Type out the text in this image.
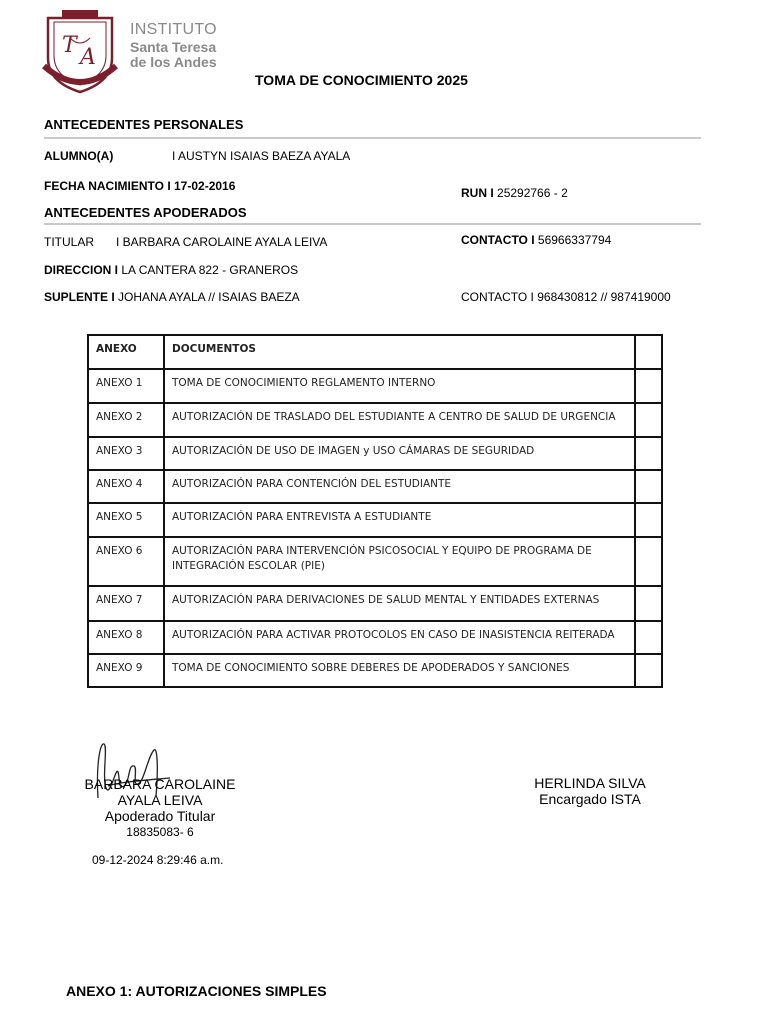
T A
INSTITUTO
Santa Teresa
de los Andes
TOMA DE CONOCIMIENTO 2025
ANTECEDENTES PERSONALES
ALUMNO(A)	I AUSTYN ISAIAS BAEZA AYALA
FECHA NACIMIENTO I 17-02-2016	RUN I 25292766 - 2
ANTECEDENTES APODERADOS
TITULAR I BARBARA CAROLAINE AYALA LEIVA	CONTACTO I 56966337794
DIRECCION I LA CANTERA 822 - GRANEROS
SUPLENTE I JOHANA AYALA // ISAIAS BAEZA	CONTACTO I 968430812 // 987419000
ANEXO	DOCUMENTOS	
ANEXO 1	TOMA DE CONOCIMIENTO REGLAMENTO INTERNO	
ANEXO 2	AUTORIZACIÓN DE TRASLADO DEL ESTUDIANTE A CENTRO DE SALUD DE URGENCIA	
ANEXO 3	AUTORIZACIÓN DE USO DE IMAGEN y USO CÁMARAS DE SEGURIDAD	
ANEXO 4	AUTORIZACIÓN PARA CONTENCIÓN DEL ESTUDIANTE	
ANEXO 5	AUTORIZACIÓN PARA ENTREVISTA A ESTUDIANTE	
ANEXO 6	AUTORIZACIÓN PARA INTERVENCIÓN PSICOSOCIAL Y EQUIPO DE PROGRAMA DE INTEGRACIÓN ESCOLAR (PIE)	
ANEXO 7	AUTORIZACIÓN PARA DERIVACIONES DE SALUD MENTAL Y ENTIDADES EXTERNAS	
ANEXO 8	AUTORIZACIÓN PARA ACTIVAR PROTOCOLOS EN CASO DE INASISTENCIA REITERADA	
ANEXO 9	TOMA DE CONOCIMIENTO SOBRE DEBERES DE APODERADOS Y SANCIONES	
BARBARA CAROLAINE
AYALA LEIVA
Apoderado Titular
18835083- 6
09-12-2024 8:29:46 a.m.
HERLINDA SILVA
Encargado ISTA
ANEXO 1: AUTORIZACIONES SIMPLES
